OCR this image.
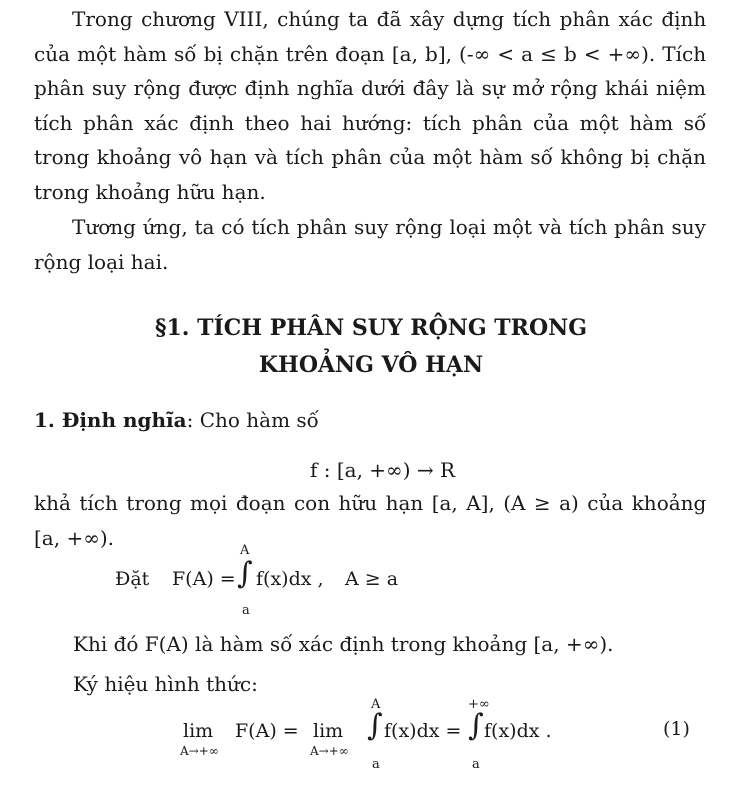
Trong chương VIII, chúng ta đã xây dựng tích phân xác định
của một hàm số bị chặn trên đoạn [a, b], (-∞ < a ≤ b < +∞). Tích
phân suy rộng được định nghĩa dưới đây là sự mở rộng khái niệm
tích phân xác định theo hai hướng: tích phân của một hàm số
trong khoảng vô hạn và tích phân của một hàm số không bị chặn
trong khoảng hữu hạn.
Tương ứng, ta có tích phân suy rộng loại một và tích phân suy
rộng loại hai.

§1. TÍCH PHÂN SUY RỘNG TRONG

KHOẢNG VÔ HẠN

1. Định nghĩa: Cho hàm số

f : [a, +∞) → R
khả tích trong mọi đoạn con hữu hạn [a, A], (A ≥ a) của khoảng
[a, +∞).
Đặt F(A) =
A
∫
a
f(x)dx , A ≥ a

Khi đó F(A) là hàm số xác định trong khoảng [a, +∞).

Ký hiệu hình thức:

lim
A→+∞
F(A) = lim
A→+∞
A
∫
a
f(x)dx =
+∞
∫
a
f(x)dx .	(1)
